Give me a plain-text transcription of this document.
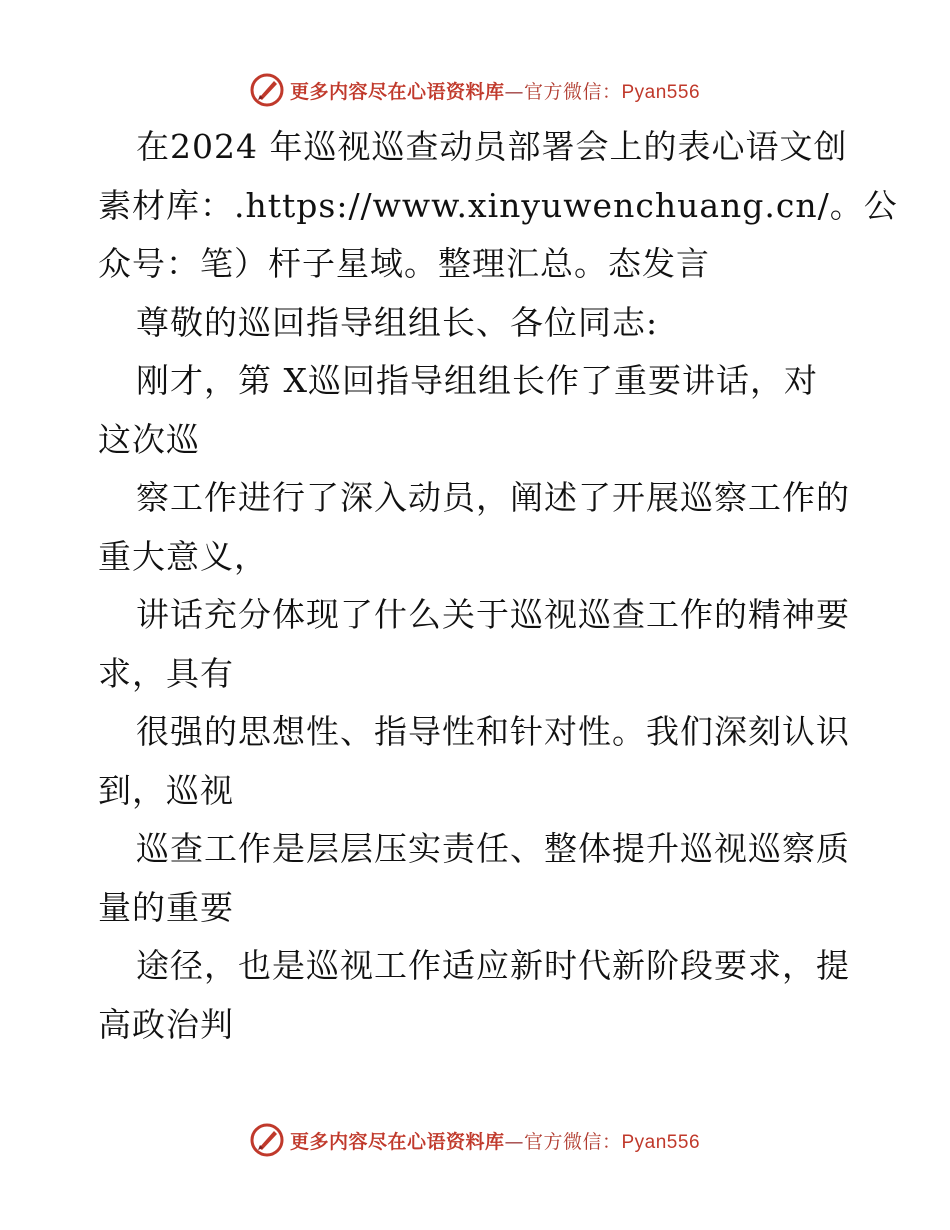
更多内容尽在心语资料库—官方微信：Pyan556
在2024 年巡视巡查动员部署会上的表心语文创
素材库：.https://www.xinyuwenchuang.cn/。公
众号：笔）杆子星域。整理汇总。态发言
尊敬的巡回指导组组长、各位同志:
刚才，第 X巡回指导组组长作了重要讲话，对
这次巡
察工作进行了深入动员，阐述了开展巡察工作的
重大意义，
讲话充分体现了什么关于巡视巡查工作的精神要
求，具有
很强的思想性、指导性和针对性。我们深刻认识
到，巡视
巡查工作是层层压实责任、整体提升巡视巡察质
量的重要
途径，也是巡视工作适应新时代新阶段要求，提
高政治判
更多内容尽在心语资料库—官方微信：Pyan556
